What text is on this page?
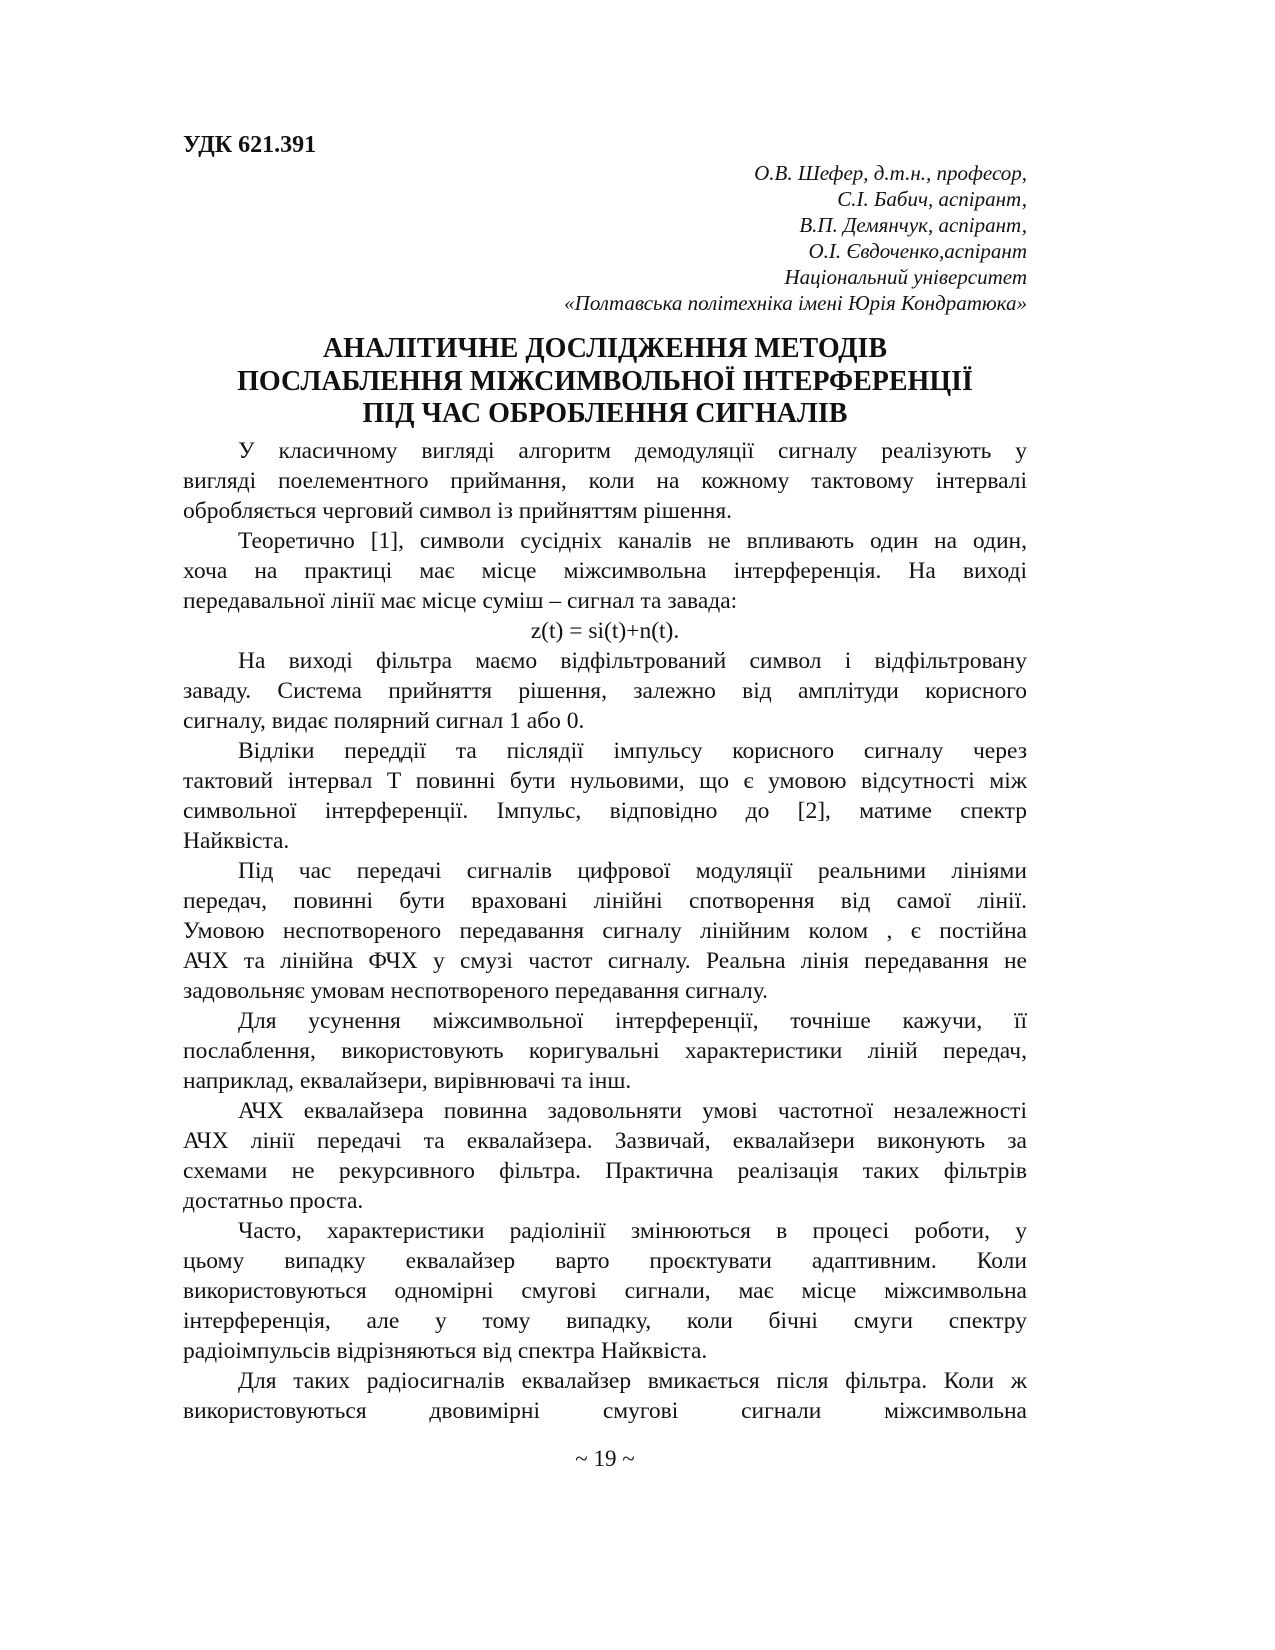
УДК 621.391
О.В. Шефер, д.т.н., професор,
С.І. Бабич, аспірант,
В.П. Демянчук, аспірант,
О.І. Євдоченко,аспірант
Національний університет
«Полтавська політехніка імені Юрія Кондратюка»
АНАЛІТИЧНЕ ДОСЛІДЖЕННЯ МЕТОДІВ
ПОСЛАБЛЕННЯ МІЖСИМВОЛЬНОЇ ІНТЕРФЕРЕНЦІЇ
ПІД ЧАС ОБРОБЛЕННЯ СИГНАЛІВ
У класичному вигляді алгоритм демодуляції сигналу реалізують у
вигляді поелементного приймання, коли на кожному тактовому інтервалі
обробляється черговий символ із прийняттям рішення.
Теоретично [1], символи сусідніх каналів не впливають один на один,
хоча на практиці має місце міжсимвольна інтерференція. На виході
передавальної лінії має місце суміш – сигнал та завада:
z(t) = si(t)+n(t).
На виході фільтра маємо відфільтрований символ і відфільтровану
заваду. Система прийняття рішення, залежно від амплітуди корисного
сигналу, видає полярний сигнал 1 або 0.
Відліки переддії та післядії імпульсу корисного сигналу через
тактовий інтервал Т повинні бути нульовими, що є умовою відсутності між
символьної інтерференції. Імпульс, відповідно до [2], матиме спектр
Найквіста.
Під час передачі сигналів цифрової модуляції реальними лініями
передач, повинні бути враховані лінійні спотворення від самої лінії.
Умовою неспотвореного передавання сигналу лінійним колом , є постійна
АЧХ та лінійна ФЧХ у смузі частот сигналу. Реальна лінія передавання не
задовольняє умовам неспотвореного передавання сигналу.
Для усунення міжсимвольної інтерференції, точніше кажучи, її
послаблення, використовують коригувальні характеристики ліній передач,
наприклад, еквалайзери, вирівнювачі та інш.
АЧХ еквалайзера повинна задовольняти умові частотної незалежності
АЧХ лінії передачі та еквалайзера. Зазвичай, еквалайзери виконують за
схемами не рекурсивного фільтра. Практична реалізація таких фільтрів
достатньо проста.
Часто, характеристики радіолінії змінюються в процесі роботи, у
цьому випадку еквалайзер варто проєктувати адаптивним. Коли
використовуються одномірні смугові сигнали, має місце міжсимвольна
інтерференція, але у тому випадку, коли бічні смуги спектру
радіоімпульсів відрізняються від спектра Найквіста.
Для таких радіосигналів еквалайзер вмикається після фільтра. Коли ж
використовуються двовимірні смугові сигнали міжсимвольна
~ 19 ~
